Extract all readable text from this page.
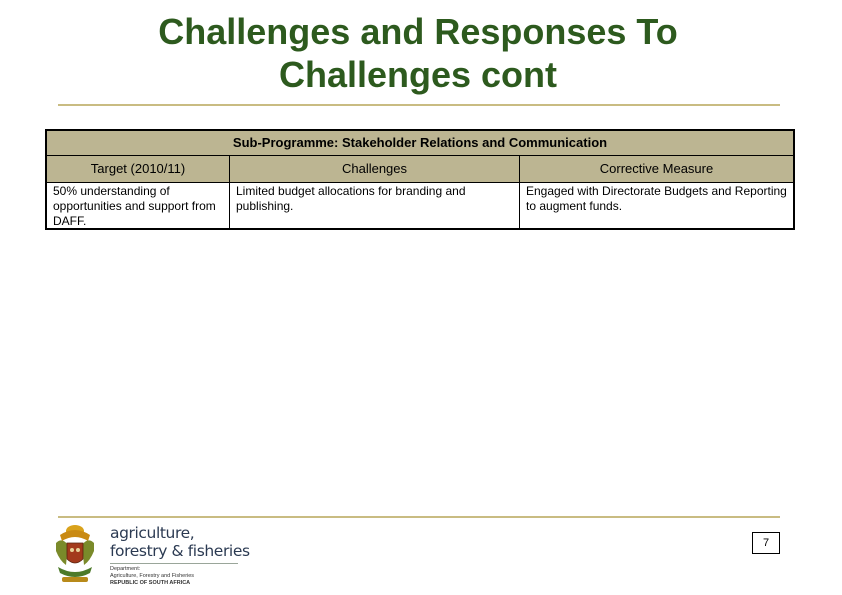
Challenges and Responses To
Challenges cont
Sub-Programme: Stakeholder Relations and Communication
Target (2010/11)	Challenges	Corrective Measure
50% understanding of opportunities and support from DAFF.
Limited budget allocations for branding and publishing.
Engaged with Directorate Budgets and Reporting to augment funds.
agriculture,
forestry & fisheries
Department:
Agriculture, Forestry and Fisheries
REPUBLIC OF SOUTH AFRICA
7
